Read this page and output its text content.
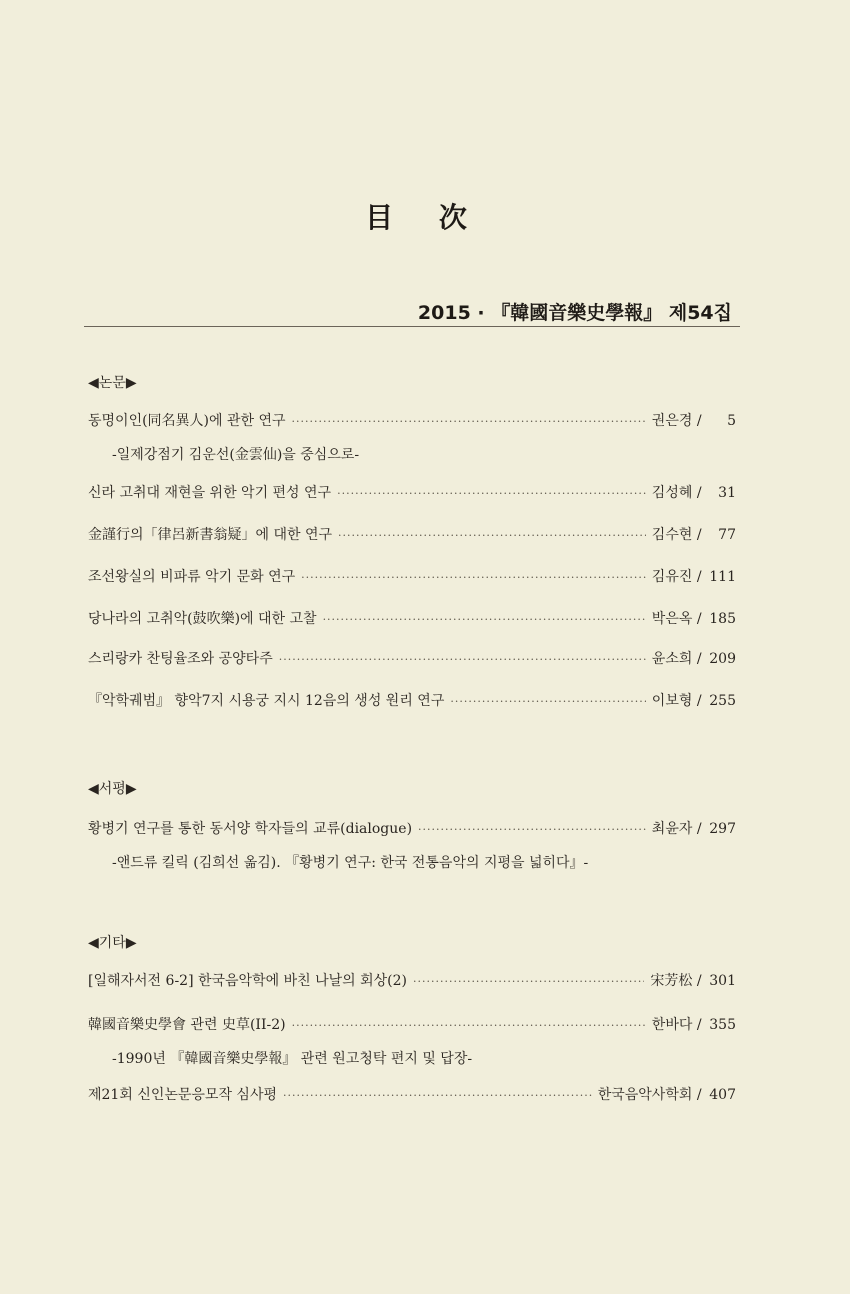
目 次
2015 · 『韓國音樂史學報』 제54집
◀논문▶
동명이인(同名異人)에 관한 연구 ·····	권은경 /	5
-일제강점기 김운선(金雲仙)을 중심으로-
신라 고취대 재현을 위한 악기 편성 연구 ·····	김성혜 / 31
金謹行의「律呂新書翁疑」에 대한 연구 ·····	김수현 / 77
조선왕실의 비파류 악기 문화 연구 ·····	김유진 / 111
당나라의 고취악(鼓吹樂)에 대한 고찰 ·····	박은옥 / 185
스리랑카 찬팅율조와 공양타주 ·····	윤소희 / 209
『악학궤범』 향악7지 시용궁 지시 12음의 생성 원리 연구 ·····	이보형 / 255
◀서평▶
황병기 연구를 통한 동서양 학자들의 교류(dialogue) ·····	최윤자 / 297
-앤드류 킬릭 (김희선 옮김). 『황병기 연구: 한국 전통음악의 지평을 넓히다』-
◀기타▶
[일해자서전 6-2] 한국음악학에 바친 나날의 회상(2) ·····	宋芳松 / 301
韓國音樂史學會 관련 史草(II-2) ·····	한바다 / 355
-1990년 『韓國音樂史學報』 관련 원고청탁 편지 및 답장-
제21회 신인논문응모작 심사평 ·····	한국음악사학회 / 407
